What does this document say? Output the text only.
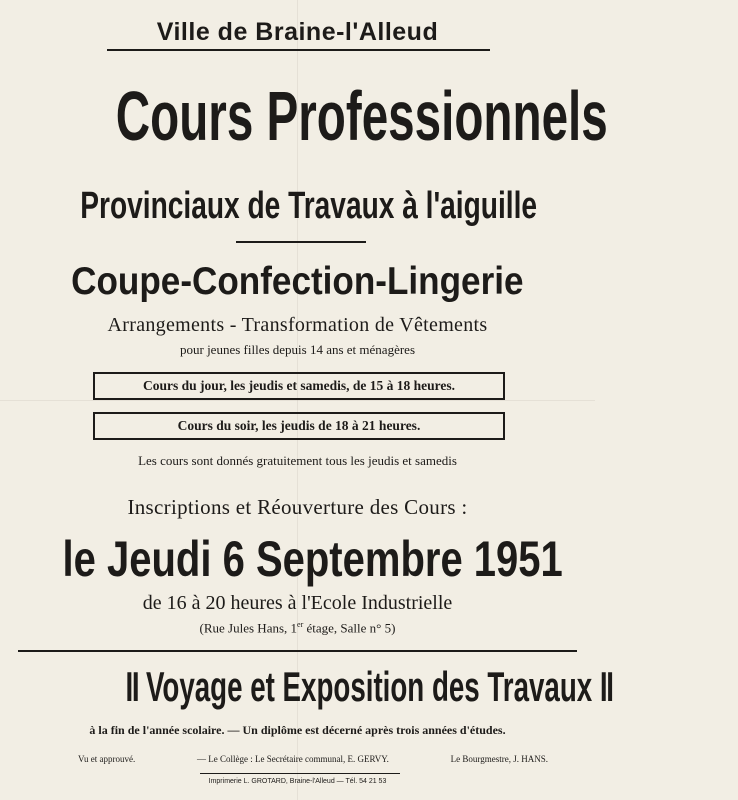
Ville de Braine-l'Alleud
Cours Professionnels
Provinciaux de Travaux à l'aiguille
Coupe-Confection-Lingerie
Arrangements - Transformation de Vêtements
pour jeunes filles depuis 14 ans et ménagères
Cours du jour, les jeudis et samedis, de 15 à 18 heures.
Cours du soir, les jeudis de 18 à 21 heures.
Les cours sont donnés gratuitement tous les jeudis et samedis
Inscriptions et Réouverture des Cours :
le Jeudi 6 Septembre 1951
de 16 à 20 heures à l'Ecole Industrielle
(Rue Jules Hans, 1er étage, Salle n° 5)
II Voyage et Exposition des Travaux II
à la fin de l'année scolaire. — Un diplôme est décerné après trois années d'études.
Vu et approuvé.	— Le Collège : Le Secrétaire communal, E. GERVY.	Le Bourgmestre, J. HANS.
Imprimerie L. GROTARD, Braine-l'Alleud — Tél. 54 21 53
